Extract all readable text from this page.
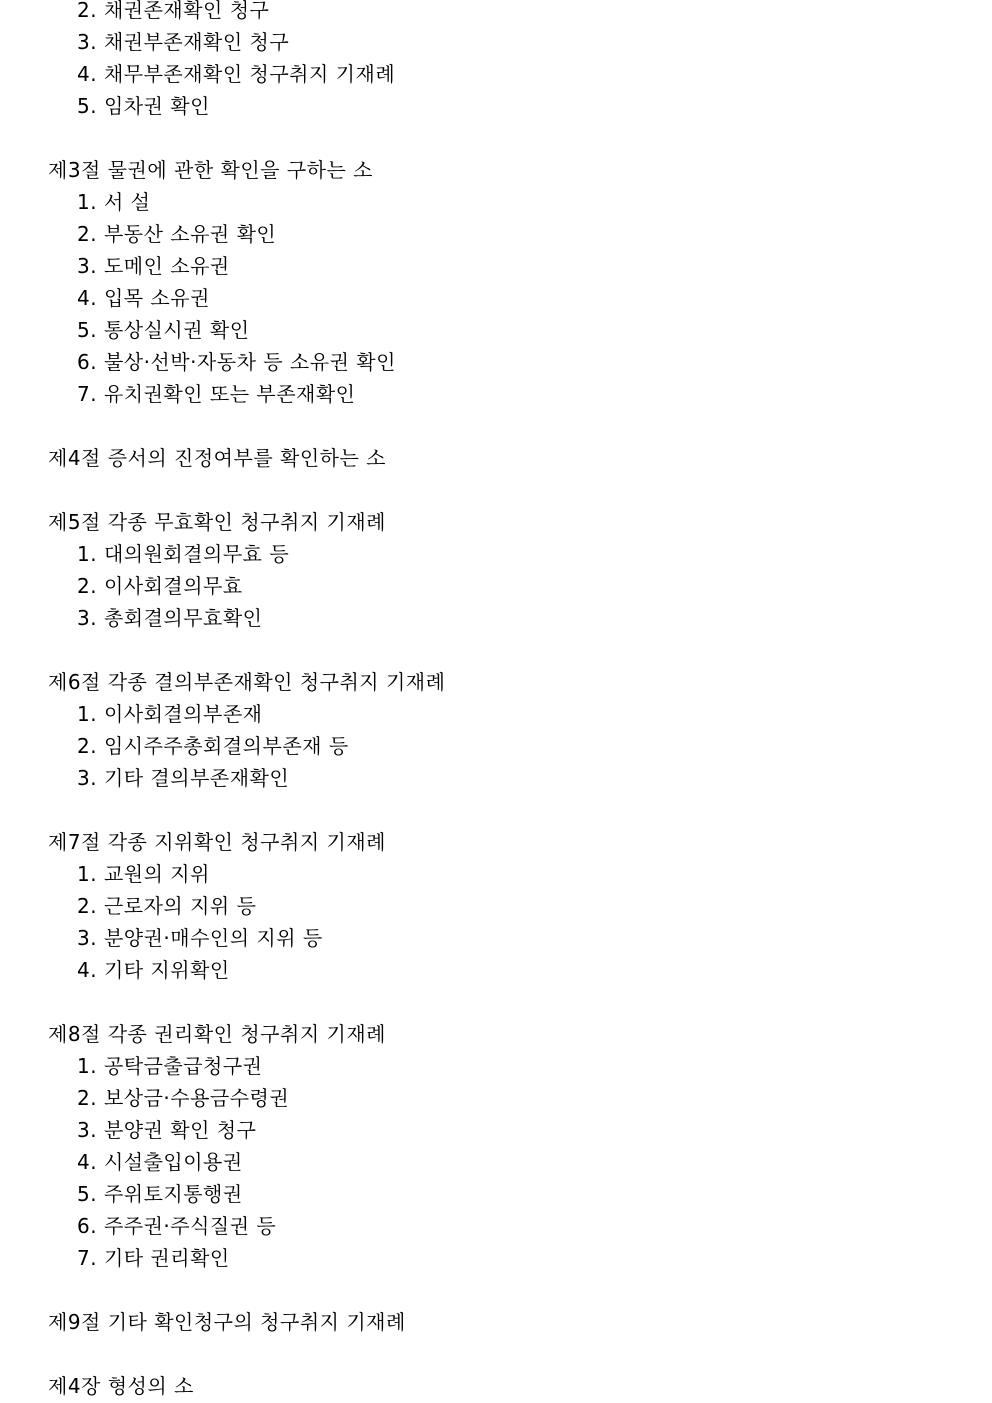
2. 채권존재확인 청구
3. 채권부존재확인 청구
4. 채무부존재확인 청구취지 기재례
5. 임차권 확인
제3절 물권에 관한 확인을 구하는 소
1. 서 설
2. 부동산 소유권 확인
3. 도메인 소유권
4. 입목 소유권
5. 통상실시권 확인
6. 불상·선박·자동차 등 소유권 확인
7. 유치권확인 또는 부존재확인
제4절 증서의 진정여부를 확인하는 소
제5절 각종 무효확인 청구취지 기재례
1. 대의원회결의무효 등
2. 이사회결의무효
3. 총회결의무효확인
제6절 각종 결의부존재확인 청구취지 기재례
1. 이사회결의부존재
2. 임시주주총회결의부존재 등
3. 기타 결의부존재확인
제7절 각종 지위확인 청구취지 기재례
1. 교원의 지위
2. 근로자의 지위 등
3. 분양권·매수인의 지위 등
4. 기타 지위확인
제8절 각종 권리확인 청구취지 기재례
1. 공탁금출급청구권
2. 보상금·수용금수령권
3. 분양권 확인 청구
4. 시설출입이용권
5. 주위토지통행권
6. 주주권·주식질권 등
7. 기타 권리확인
제9절 기타 확인청구의 청구취지 기재례
제4장 형성의 소
